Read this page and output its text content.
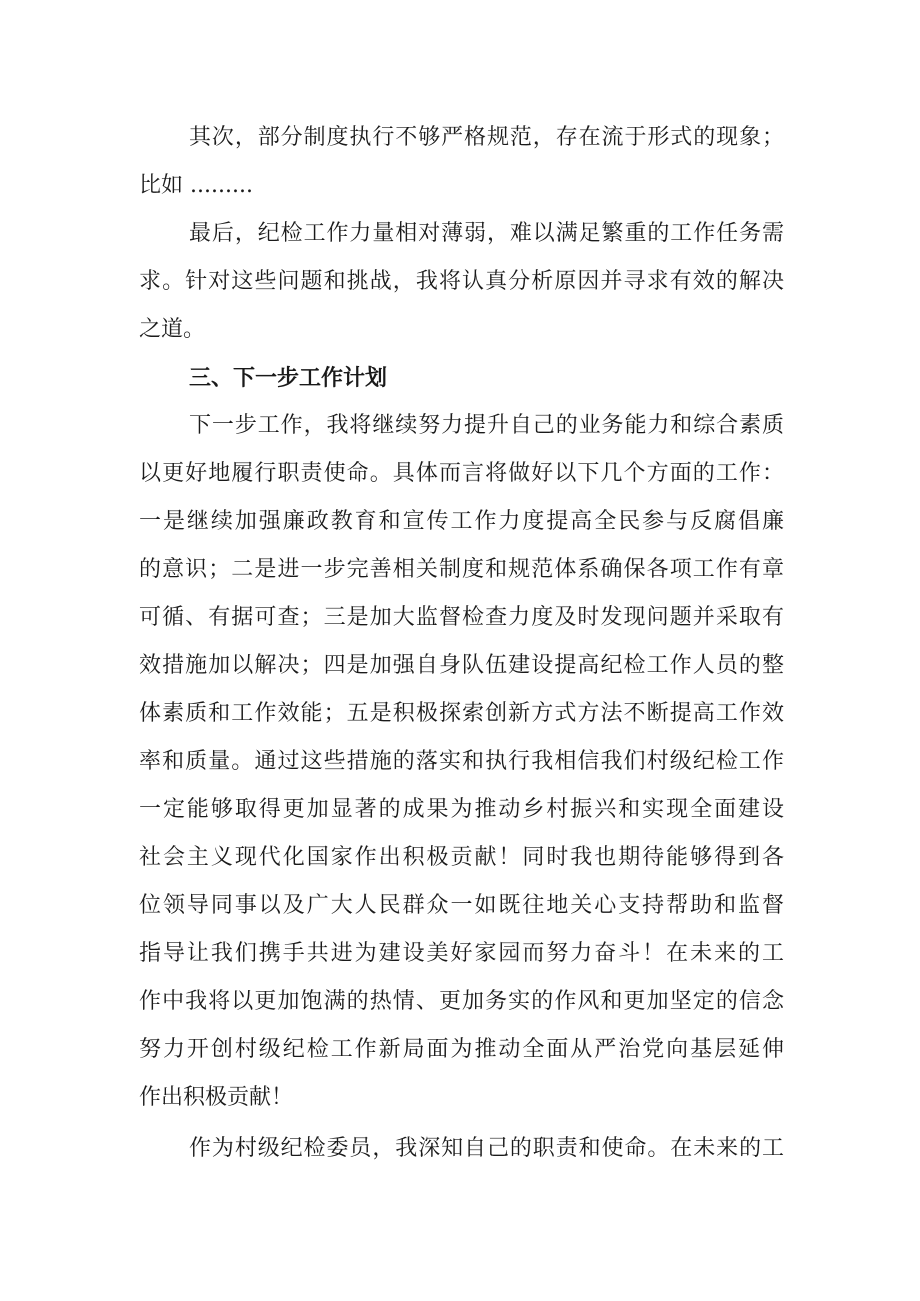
其次，部分制度执行不够严格规范，存在流于形式的现象；
比如 .........
最后，纪检工作力量相对薄弱，难以满足繁重的工作任务需
求。针对这些问题和挑战，我将认真分析原因并寻求有效的解决
之道。
三、下一步工作计划
下一步工作，我将继续努力提升自己的业务能力和综合素质
以更好地履行职责使命。具体而言将做好以下几个方面的工作：
一是继续加强廉政教育和宣传工作力度提高全民参与反腐倡廉
的意识；二是进一步完善相关制度和规范体系确保各项工作有章
可循、有据可查；三是加大监督检查力度及时发现问题并采取有
效措施加以解决；四是加强自身队伍建设提高纪检工作人员的整
体素质和工作效能；五是积极探索创新方式方法不断提高工作效
率和质量。通过这些措施的落实和执行我相信我们村级纪检工作
一定能够取得更加显著的成果为推动乡村振兴和实现全面建设
社会主义现代化国家作出积极贡献！同时我也期待能够得到各
位领导同事以及广大人民群众一如既往地关心支持帮助和监督
指导让我们携手共进为建设美好家园而努力奋斗！在未来的工
作中我将以更加饱满的热情、更加务实的作风和更加坚定的信念
努力开创村级纪检工作新局面为推动全面从严治党向基层延伸
作出积极贡献！
作为村级纪检委员，我深知自己的职责和使命。在未来的工
